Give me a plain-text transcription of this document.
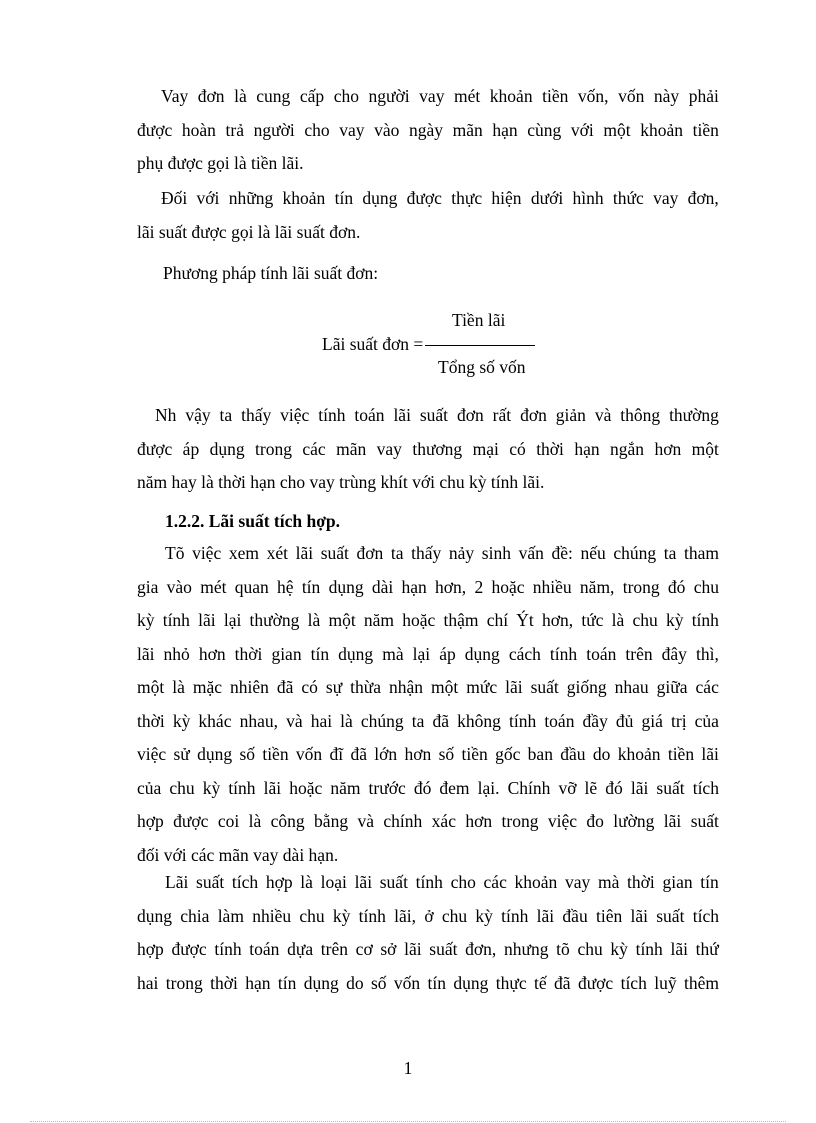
Vay đơn là cung cấp cho người vay mét khoản tiền vốn, vốn này phải
được hoàn trả người cho vay vào ngày mãn hạn cùng với một khoản tiền
phụ được gọi là tiền lãi.
Đối với những khoản tín dụng được thực hiện dưới hình thức vay đơn,
lãi suất được gọi là lãi suất đơn.
Phương pháp tính lãi suất đơn:
Tiền lãi
Lãi suất đơn =
Tổng số vốn
Nh vậy ta thấy việc tính toán lãi suất đơn rất đơn giản và thông thường
được áp dụng trong các mãn vay thương mại có thời hạn ngắn hơn một
năm hay là thời hạn cho vay trùng khít với chu kỳ tính lãi.
1.2.2. Lãi suất tích hợp.
Tõ việc xem xét lãi suất đơn ta thấy nảy sinh vấn đề: nếu chúng ta tham
gia vào mét quan hệ tín dụng dài hạn hơn, 2 hoặc nhiều năm, trong đó chu
kỳ tính lãi lại thường là một năm hoặc thậm chí Ýt hơn, tức là chu kỳ tính
lãi nhỏ hơn thời gian tín dụng mà lại áp dụng cách tính toán trên đây thì,
một là mặc nhiên đã có sự thừa nhận một mức lãi suất giống nhau giữa các
thời kỳ khác nhau, và hai là chúng ta đã không tính toán đầy đủ giá trị của
việc sử dụng số tiền vốn đĩ đã lớn hơn số tiền gốc ban đầu do khoản tiền lãi
của chu kỳ tính lãi hoặc năm trước đó đem lại. Chính vỡ lẽ đó lãi suất tích
hợp được coi là công bằng và chính xác hơn trong việc đo lường lãi suất
đối với các mãn vay dài hạn.
Lãi suất tích hợp là loại lãi suất tính cho các khoản vay mà thời gian tín
dụng chia làm nhiều chu kỳ tính lãi, ở chu kỳ tính lãi đầu tiên lãi suất tích
hợp được tính toán dựa trên cơ sở lãi suất đơn, nhưng tõ chu kỳ tính lãi thứ
hai trong thời hạn tín dụng do số vốn tín dụng thực tế đã được tích luỹ thêm
1
